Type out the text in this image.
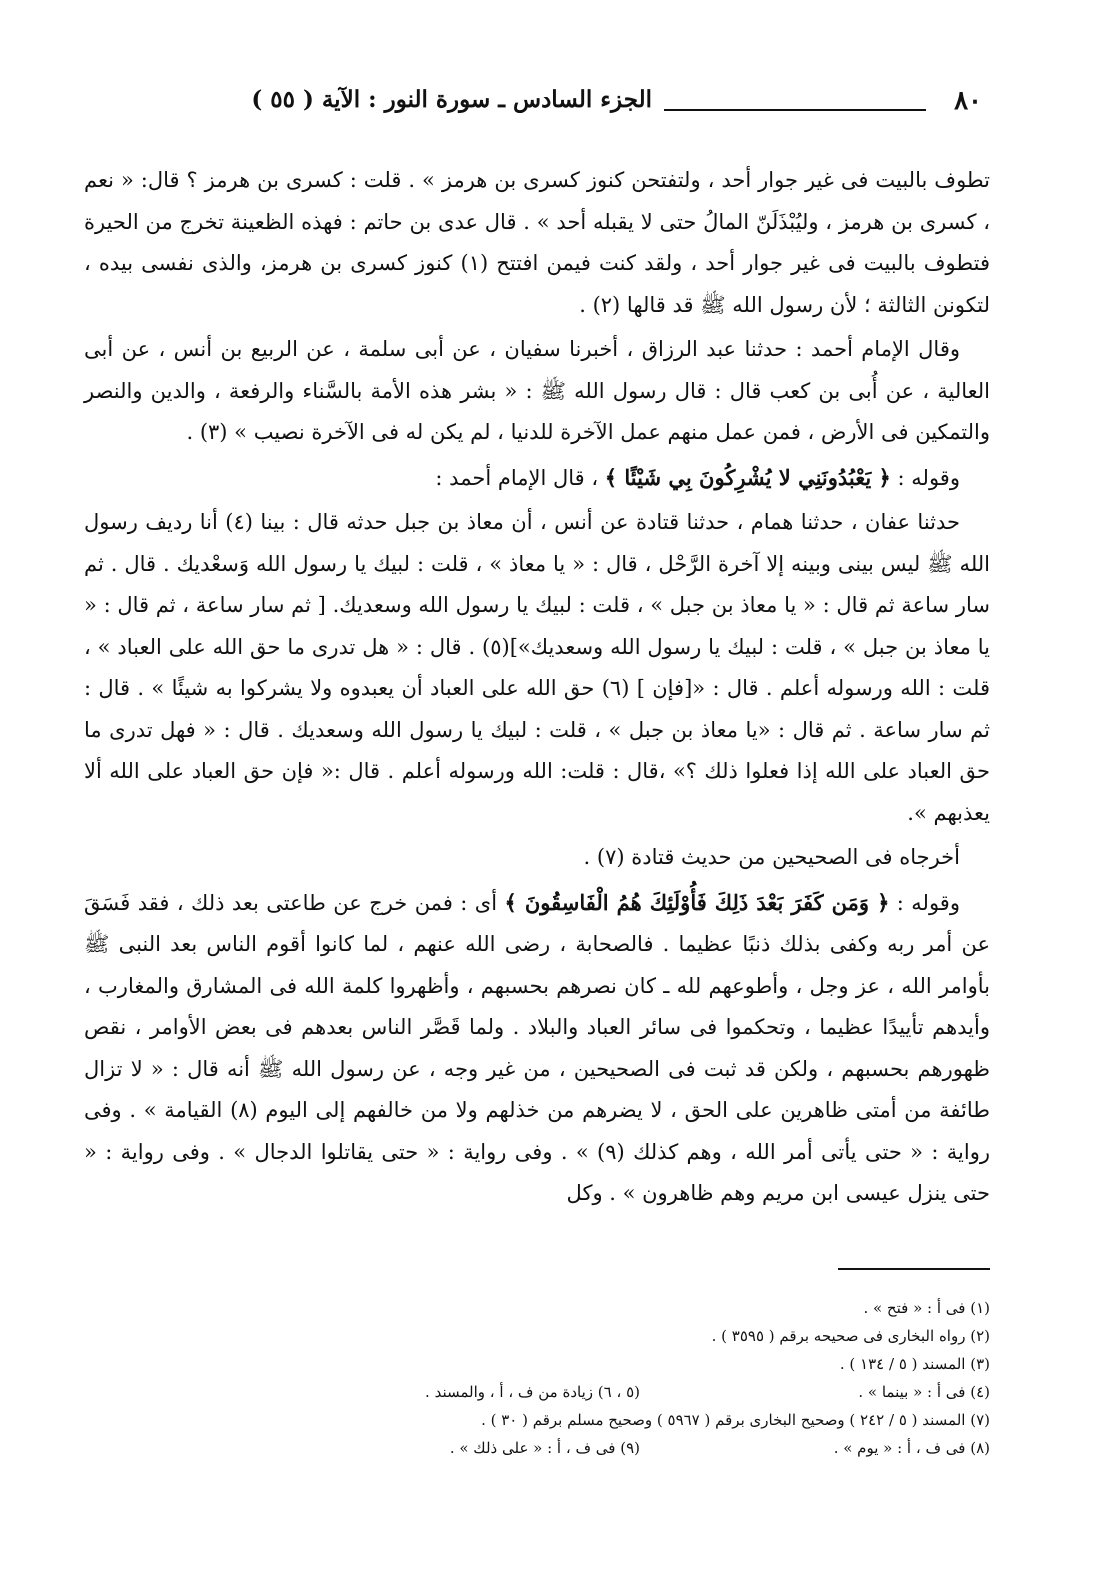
٨٠
الجزء السادس ـ سورة النور : الآية ( ٥٥ )

تطوف بالبيت فى غير جوار أحد ، ولتفتحن كنوز كسرى بن هرمز » . قلت : كسرى بن هرمز ؟ قال: « نعم ، كسرى بن هرمز ، وليُبْذَلَنّ المالُ حتى لا يقبله أحد » . قال عدى بن حاتم : فهذه الظعينة تخرج من الحيرة فتطوف بالبيت فى غير جوار أحد ، ولقد كنت فيمن افتتح (١) كنوز كسرى بن هرمز، والذى نفسى بيده ، لتكونن الثالثة ؛ لأن رسول الله ﷺ قد قالها (٢) .

وقال الإمام أحمد : حدثنا عبد الرزاق ، أخبرنا سفيان ، عن أبى سلمة ، عن الربيع بن أنس ، عن أبى العالية ، عن أُبى بن كعب قال : قال رسول الله ﷺ : « بشر هذه الأمة بالسَّناء والرفعة ، والدين والنصر والتمكين فى الأرض ، فمن عمل منهم عمل الآخرة للدنيا ، لم يكن له فى الآخرة نصيب » (٣) .

وقوله : ﴿ يَعْبُدُونَنِي لا يُشْرِكُونَ بِي شَيْئًا ﴾ ، قال الإمام أحمد :

حدثنا عفان ، حدثنا همام ، حدثنا قتادة عن أنس ، أن معاذ بن جبل حدثه قال : بينا (٤) أنا رديف رسول الله ﷺ ليس بينى وبينه إلا آخرة الرَّحْل ، قال : « يا معاذ » ، قلت : لبيك يا رسول الله وَسعْديك . قال . ثم سار ساعة ثم قال : « يا معاذ بن جبل » ، قلت : لبيك يا رسول الله وسعديك. [ ثم سار ساعة ، ثم قال : « يا معاذ بن جبل » ، قلت : لبيك يا رسول الله وسعديك»](٥) . قال : « هل تدرى ما حق الله على العباد » ، قلت : الله ورسوله أعلم . قال : «[فإن ] (٦) حق الله على العباد أن يعبدوه ولا يشركوا به شيئًا » . قال : ثم سار ساعة . ثم قال : «يا معاذ بن جبل » ، قلت : لبيك يا رسول الله وسعديك . قال : « فهل تدرى ما حق العباد على الله إذا فعلوا ذلك ؟» ،قال : قلت: الله ورسوله أعلم . قال :« فإن حق العباد على الله ألا يعذبهم ».

أخرجاه فى الصحيحين من حديث قتادة (٧) .

وقوله : ﴿ وَمَن كَفَرَ بَعْدَ ذَلِكَ فَأُوْلَئِكَ هُمُ الْفَاسِقُونَ ﴾ أى : فمن خرج عن طاعتى بعد ذلك ، فقد فَسَقَ عن أمر ربه وكفى بذلك ذنبًا عظيما . فالصحابة ، رضى الله عنهم ، لما كانوا أقوم الناس بعد النبى ﷺ بأوامر الله ، عز وجل ، وأطوعهم لله ـ كان نصرهم بحسبهم ، وأظهروا كلمة الله فى المشارق والمغارب ، وأيدهم تأييدًا عظيما ، وتحكموا فى سائر العباد والبلاد . ولما قَصَّر الناس بعدهم فى بعض الأوامر ، نقص ظهورهم بحسبهم ، ولكن قد ثبت فى الصحيحين ، من غير وجه ، عن رسول الله ﷺ أنه قال : « لا تزال طائفة من أمتى ظاهرين على الحق ، لا يضرهم من خذلهم ولا من خالفهم إلى اليوم (٨) القيامة » . وفى رواية : « حتى يأتى أمر الله ، وهم كذلك (٩) » . وفى رواية : « حتى يقاتلوا الدجال » . وفى رواية : « حتى ينزل عيسى ابن مريم وهم ظاهرون » . وكل

(١) فى أ : « فتح » .
(٢) رواه البخارى فى صحيحه برقم ( ٣٥٩٥ ) .
(٣) المسند ( ٥ / ١٣٤ ) .
(٤) فى أ : « بينما » .
(٥ ، ٦) زيادة من ف ، أ ، والمسند .
(٧) المسند ( ٥ / ٢٤٢ ) وصحيح البخارى برقم ( ٥٩٦٧ ) وصحيح مسلم برقم ( ٣٠ ) .
(٨) فى ف ، أ : « يوم » .
(٩) فى ف ، أ : « على ذلك » .
